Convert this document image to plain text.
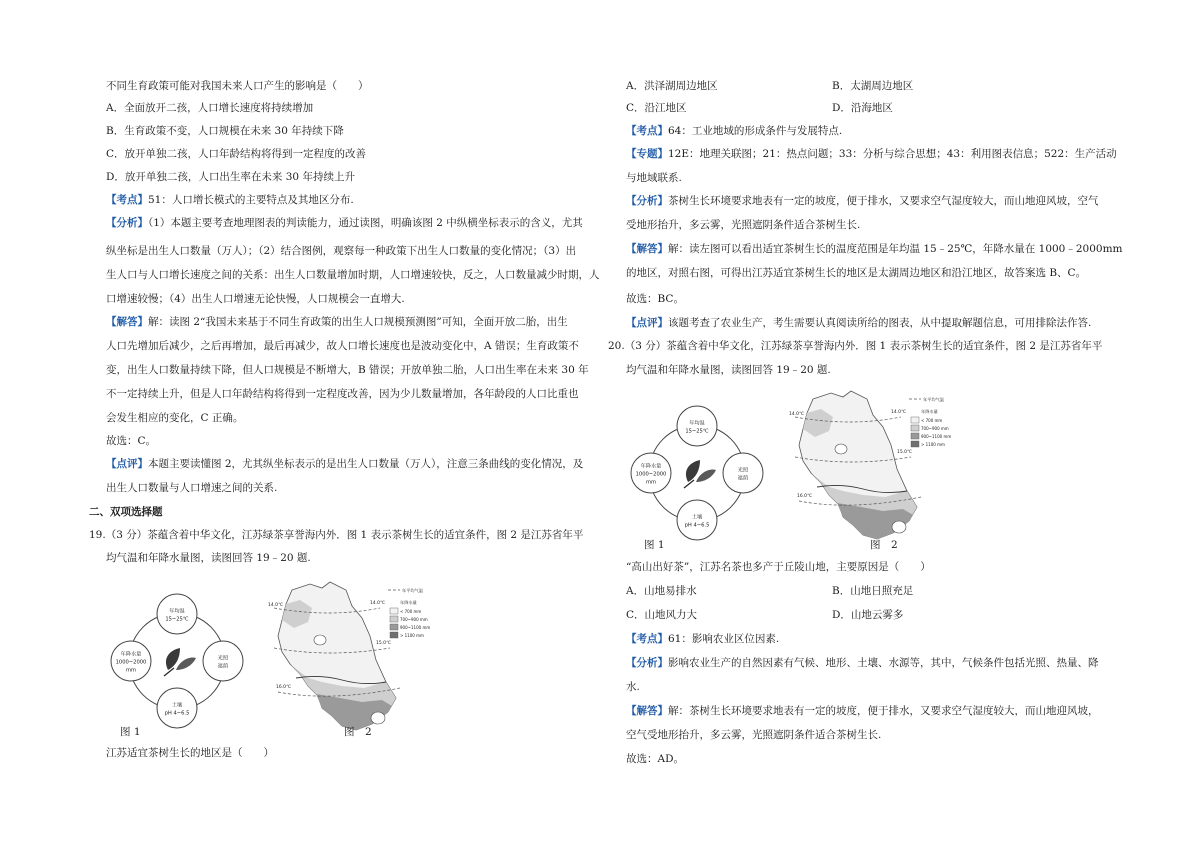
不同生育政策可能对我国未来人口产生的影响是（　　）
A．全面放开二孩，人口增长速度将持续增加
B．生育政策不变，人口规模在未来 30 年持续下降
C．放开单独二孩，人口年龄结构将得到一定程度的改善
D．放开单独二孩，人口出生率在未来 30 年持续上升
【考点】51：人口增长模式的主要特点及其地区分布.
【分析】（1）本题主要考查地理图表的判读能力，通过读图，明确该图 2 中纵横坐标表示的含义，尤其
纵坐标是出生人口数量（万人）；（2）结合图例，观察每一种政策下出生人口数量的变化情况；（3）出
生人口与人口增长速度之间的关系：出生人口数量增加时期，人口增速较快，反之，人口数量减少时期，人
口增速较慢；（4）出生人口增速无论快慢，人口规模会一直增大.
【解答】解：读图 2“我国未来基于不同生育政策的出生人口规模预测图”可知，全面开放二胎，出生
人口先增加后减少，之后再增加，最后再减少，故人口增长速度也是波动变化中，A 错误；生育政策不
变，出生人口数量持续下降，但人口规模是不断增大，B 错误；开放单独二胎，人口出生率在未来 30 年
不一定持续上升，但是人口年龄结构将得到一定程度改善，因为少儿数量增加，各年龄段的人口比重也
会发生相应的变化，C 正确。
故选：C。
【点评】本题主要读懂图 2，尤其纵坐标表示的是出生人口数量（万人），注意三条曲线的变化情况，及
出生人口数量与人口增速之间的关系.
二、双项选择题
19.（3 分）茶蕴含着中华文化，江苏绿茶享誉海内外．图 1 表示茶树生长的适宜条件，图 2 是江苏省年平
均气温和年降水量图，读图回答 19﹣20 题.
年均温
15~25℃
年降水量
1000~2000
mm
光照
遮荫
土壤
pH 4~6.5
图 1
14.0℃	14.0℃
15.0℃
16.0℃
年平均气温
年降水量
< 700 mm
700~900 mm
900~1100 mm
> 1100 mm
图　2
江苏适宜茶树生长的地区是（　　）
A．洪泽湖周边地区	B．太湖周边地区
C．沿江地区	D．沿海地区
【考点】64：工业地域的形成条件与发展特点.
【专题】12E：地理关联图；21：热点问题；33：分析与综合思想；43：利用图表信息；522：生产活动
与地域联系.
【分析】茶树生长环境要求地表有一定的坡度，便于排水，又要求空气湿度较大，而山地迎风坡，空气
受地形抬升，多云雾，光照遮阴条件适合茶树生长.
【解答】解：读左图可以看出适宜茶树生长的温度范围是年均温 15﹣25℃，年降水量在 1000﹣2000mm
的地区，对照右图，可得出江苏适宜茶树生长的地区是太湖周边地区和沿江地区，故答案选 B、C。
故选：BC。
【点评】该题考查了农业生产，考生需要认真阅读所给的图表，从中提取解题信息，可用排除法作答.
20.（3 分）茶蕴含着中华文化，江苏绿茶享誉海内外．图 1 表示茶树生长的适宜条件，图 2 是江苏省年平
均气温和年降水量图，读图回答 19﹣20 题.
年均温
15~25℃
年降水量
1000~2000
mm
光照
遮荫
土壤
pH 4~6.5
图 1
14.0℃	14.0℃
15.0℃
16.0℃
年平均气温
年降水量
< 700 mm
700~900 mm
900~1100 mm
> 1100 mm
图　2
“高山出好茶”，江苏名茶也多产于丘陵山地，主要原因是（　　）
A．山地易排水	B．山地日照充足
C．山地风力大	D．山地云雾多
【考点】61：影响农业区位因素.
【分析】影响农业生产的自然因素有气候、地形、土壤、水源等，其中，气候条件包括光照、热量、降
水.
【解答】解：茶树生长环境要求地表有一定的坡度，便于排水，又要求空气湿度较大，而山地迎风坡，
空气受地形抬升，多云雾，光照遮阴条件适合茶树生长.
故选：AD。
